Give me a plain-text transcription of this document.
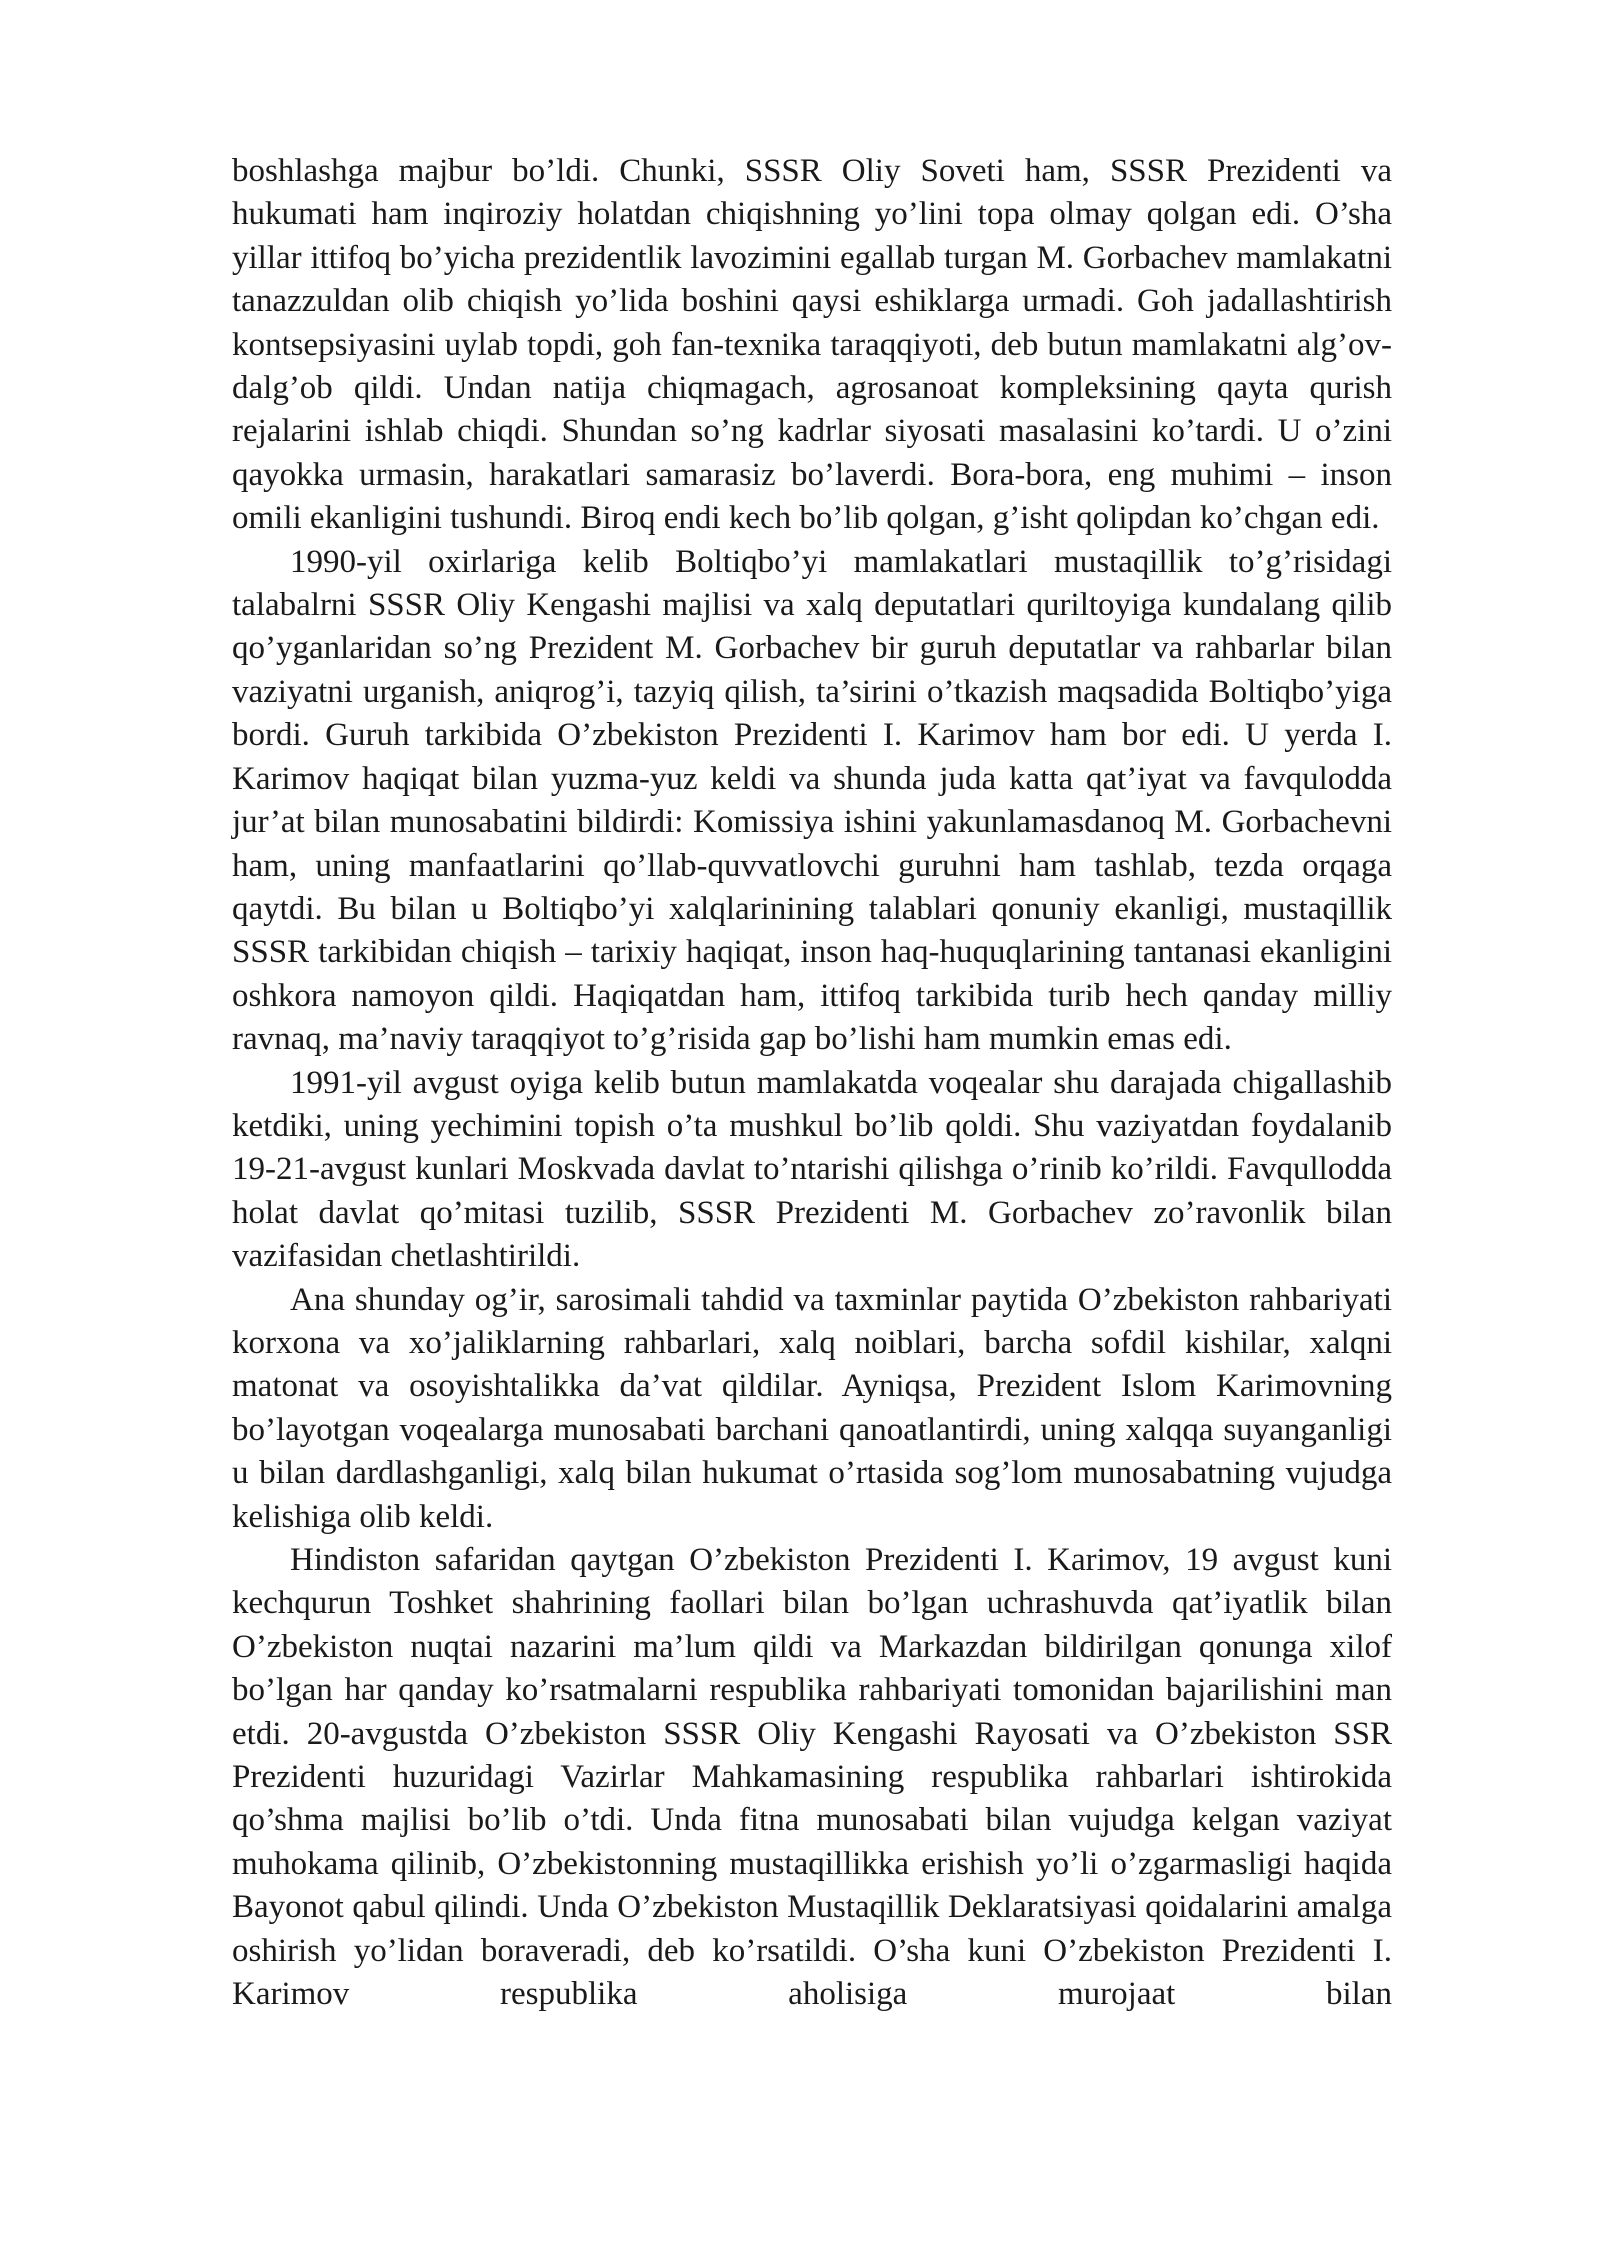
boshlashga majbur bo’ldi. Chunki, SSSR Oliy Soveti ham, SSSR Prezidenti va hukumati ham inqiroziy holatdan chiqishning yo’lini topa olmay qolgan edi. O’sha yillar ittifoq bo’yicha prezidentlik lavozimini egallab turgan M. Gorbachev mamlakatni tanazzuldan olib chiqish yo’lida boshini qaysi eshiklarga urmadi. Goh jadallashtirish kontsepsiyasini uylab topdi, goh fan-texnika taraqqiyoti, deb butun mamlakatni alg’ov-dalg’ob qildi. Undan natija chiqmagach, agrosanoat kompleksining qayta qurish rejalarini ishlab chiqdi. Shundan so’ng kadrlar siyosati masalasini ko’tardi. U o’zini qayokka urmasin, harakatlari samarasiz bo’laverdi. Bora-bora, eng muhimi – inson omili ekanligini tushundi. Biroq endi kech bo’lib qolgan, g’isht qolipdan ko’chgan edi.

1990-yil oxirlariga kelib Boltiqbo’yi mamlakatlari mustaqillik to’g’risidagi talabalrni SSSR Oliy Kengashi majlisi va xalq deputatlari quriltoyiga kundalang qilib qo’yganlaridan so’ng Prezident M. Gorbachev bir guruh deputatlar va rahbarlar bilan vaziyatni urganish, aniqrog’i, tazyiq qilish, ta’sirini o’tkazish maqsadida Boltiqbo’yiga bordi. Guruh tarkibida O’zbekiston Prezidenti I. Karimov ham bor edi. U yerda I. Karimov haqiqat bilan yuzma-yuz keldi va shunda juda katta qat’iyat va favqulodda jur’at bilan munosabatini bildirdi: Komissiya ishini yakunlamasdanoq M. Gorbachevni ham, uning manfaatlarini qo’llab-quvvatlovchi guruhni ham tashlab, tezda orqaga qaytdi. Bu bilan u Boltiqbo’yi xalqlarinining talablari qonuniy ekanligi, mustaqillik SSSR tarkibidan chiqish – tarixiy haqiqat, inson haq-huquqlarining tantanasi ekanligini oshkora namoyon qildi. Haqiqatdan ham, ittifoq tarkibida turib hech qanday milliy ravnaq, ma’naviy taraqqiyot to’g’risida gap bo’lishi ham mumkin emas edi.

1991-yil avgust oyiga kelib butun mamlakatda voqealar shu darajada chigallashib ketdiki, uning yechimini topish o’ta mushkul bo’lib qoldi. Shu vaziyatdan foydalanib 19-21-avgust kunlari Moskvada davlat to’ntarishi qilishga o’rinib ko’rildi. Favqullodda holat davlat qo’mitasi tuzilib, SSSR Prezidenti M. Gorbachev zo’ravonlik bilan vazifasidan chetlashtirildi.

Ana shunday og’ir, sarosimali tahdid va taxminlar paytida O’zbekiston rahbariyati korxona va xo’jaliklarning rahbarlari, xalq noiblari, barcha sofdil kishilar, xalqni matonat va osoyishtalikka da’vat qildilar. Ayniqsa, Prezident Islom Karimovning bo’layotgan voqealarga munosabati barchani qanoatlantirdi, uning xalqqa suyanganligi u bilan dardlashganligi, xalq bilan hukumat o’rtasida sog’lom munosabatning vujudga kelishiga olib keldi.

Hindiston safaridan qaytgan O’zbekiston Prezidenti I. Karimov, 19 avgust kuni kechqurun Toshket shahrining faollari bilan bo’lgan uchrashuvda qat’iyatlik bilan O’zbekiston nuqtai nazarini ma’lum qildi va Markazdan bildirilgan qonunga xilof bo’lgan har qanday ko’rsatmalarni respublika rahbariyati tomonidan bajarilishini man etdi. 20-avgustda O’zbekiston SSSR Oliy Kengashi Rayosati va O’zbekiston SSR Prezidenti huzuridagi Vazirlar Mahkamasining respublika rahbarlari ishtirokida qo’shma majlisi bo’lib o’tdi. Unda fitna munosabati bilan vujudga kelgan vaziyat muhokama qilinib, O’zbekistonning mustaqillikka erishish yo’li o’zgarmasligi haqida Bayonot qabul qilindi. Unda O’zbekiston Mustaqillik Deklaratsiyasi qoidalarini amalga oshirish yo’lidan boraveradi, deb ko’rsatildi. O’sha kuni O’zbekiston Prezidenti I. Karimov respublika aholisiga murojaat bilan
